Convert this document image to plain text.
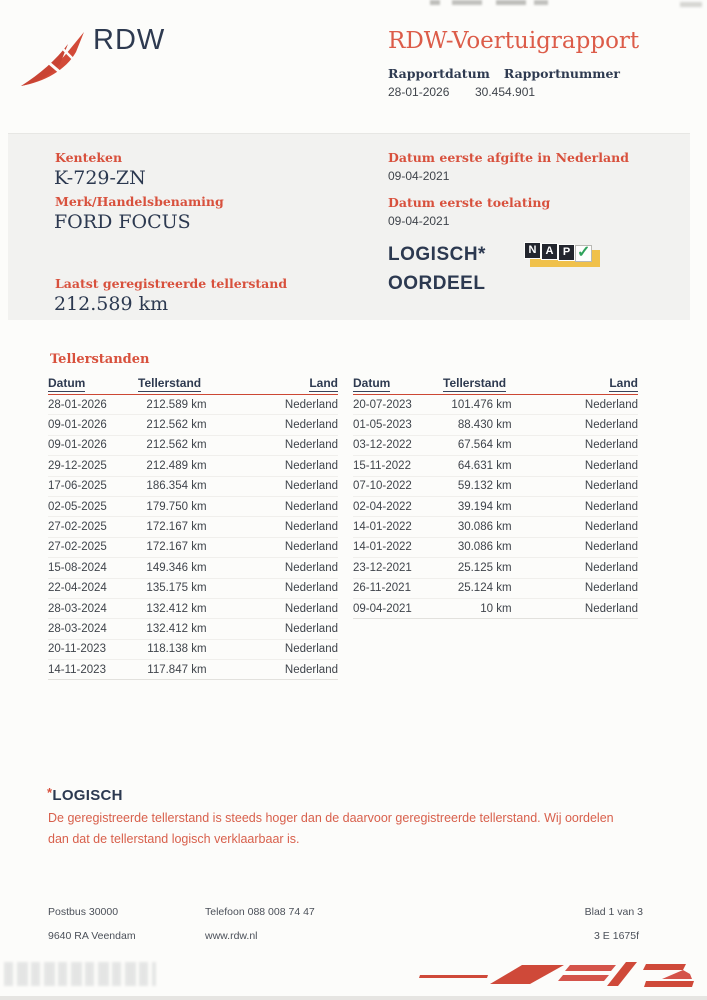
RDW	RDW-Voertuigrapport
Rapportdatum Rapportnummer
28-01-2026	30.454.901
Kenteken
K-729-ZN
Merk/Handelsbenaming
FORD FOCUS
Laatst geregistreerde tellerstand
212.589 km
Datum eerste afgifte in Nederland
09-04-2021
Datum eerste toelating
09-04-2021
LOGISCH*
OORDEEL
N A P ✓
Tellerstanden
Datum	Tellerstand	Land
28-01-2026	212.589 km	Nederland
09-01-2026	212.562 km	Nederland
09-01-2026	212.562 km	Nederland
29-12-2025	212.489 km	Nederland
17-06-2025	186.354 km	Nederland
02-05-2025	179.750 km	Nederland
27-02-2025	172.167 km	Nederland
27-02-2025	172.167 km	Nederland
15-08-2024	149.346 km	Nederland
22-04-2024	135.175 km	Nederland
28-03-2024	132.412 km	Nederland
28-03-2024	132.412 km	Nederland
20-11-2023	118.138 km	Nederland
14-11-2023	117.847 km	Nederland
Datum	Tellerstand	Land
20-07-2023	101.476 km	Nederland
01-05-2023	88.430 km	Nederland
03-12-2022	67.564 km	Nederland
15-11-2022	64.631 km	Nederland
07-10-2022	59.132 km	Nederland
02-04-2022	39.194 km	Nederland
14-01-2022	30.086 km	Nederland
14-01-2022	30.086 km	Nederland
23-12-2021	25.125 km	Nederland
26-11-2021	25.124 km	Nederland
09-04-2021	10 km	Nederland
*LOGISCH
De geregistreerde tellerstand is steeds hoger dan de daarvoor geregistreerde tellerstand. Wij oordelen dan dat de tellerstand logisch verklaarbaar is.
Postbus 30000
9640 RA Veendam
Telefoon 088 008 74 47
www.rdw.nl
Blad 1 van 3
3 E 1675f
